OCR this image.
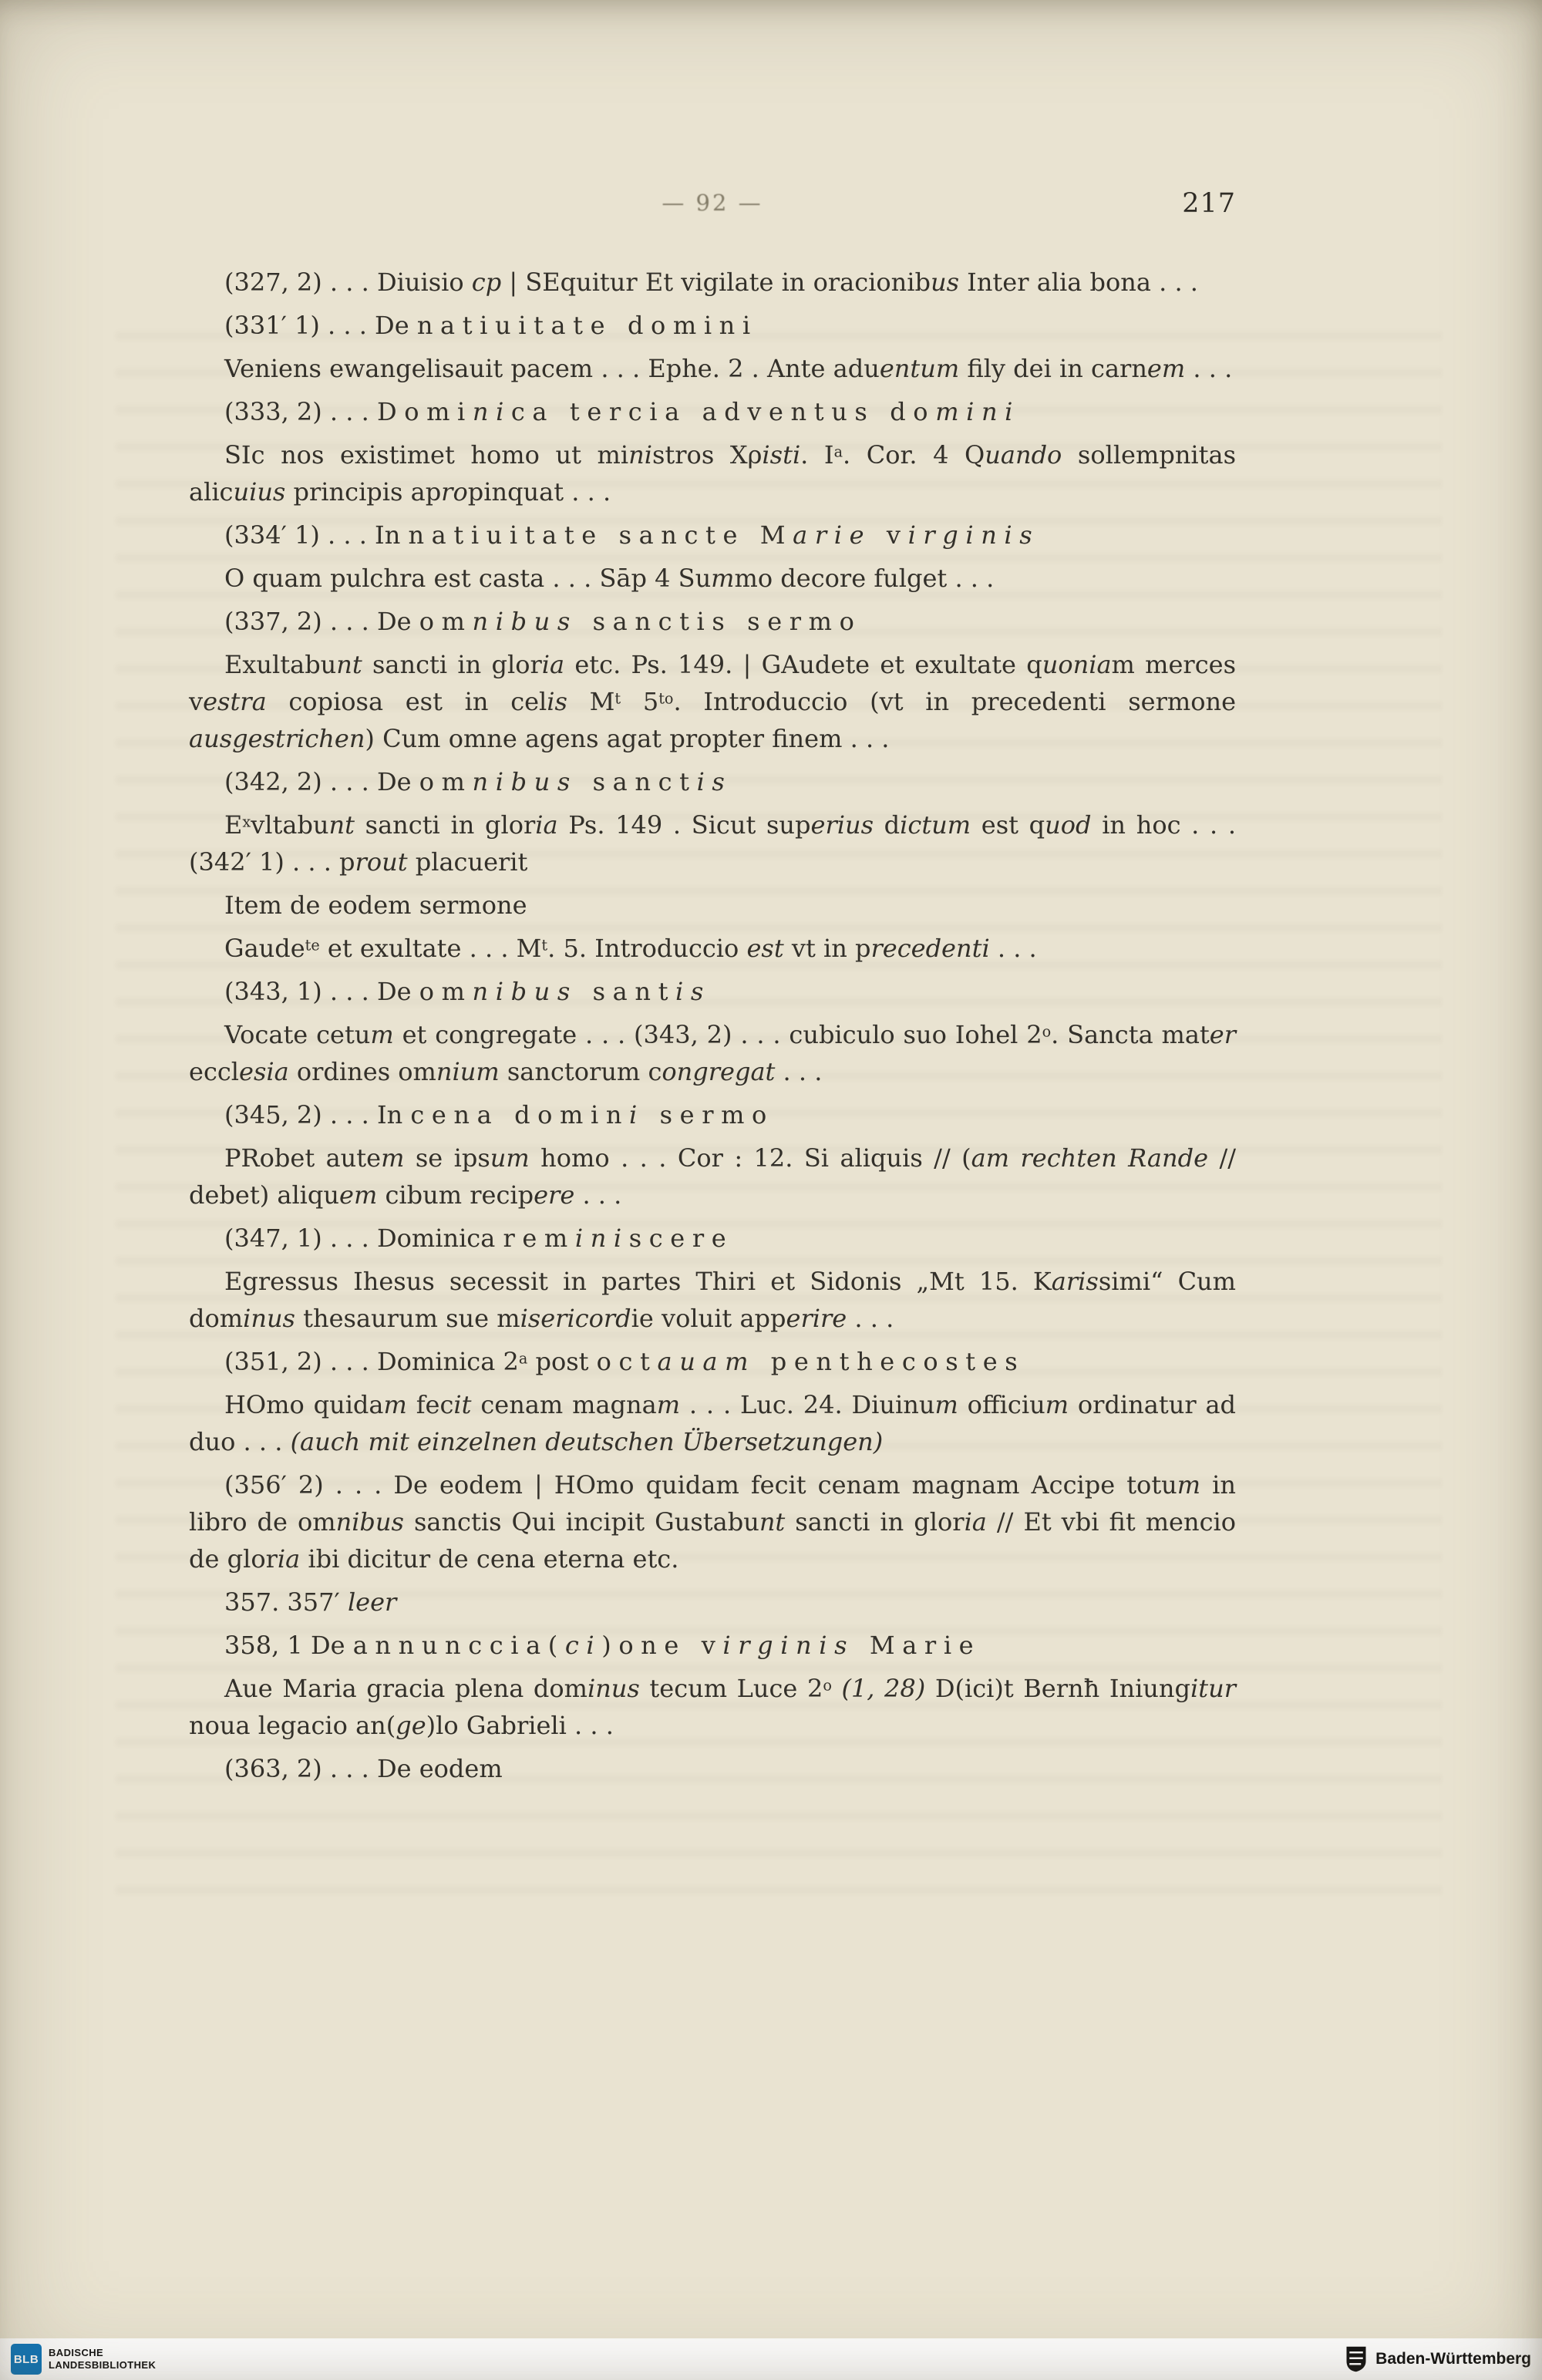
— 92 —	217

(327, 2) . . . Diuisio cp | SEquitur Et vigilate in oracionibus Inter alia bona . . .

(331′ 1) . . . De natiuitate domini

Veniens ewangelisauit pacem . . . Ephe. 2 . Ante aduentum fily dei in carnem . . .

(333, 2) . . . Dominica tercia adventus domini

SIc nos existimet homo ut ministros Xρisti. $I^a$. Cor. 4 Quando sollempnitas alicuius principis apropinquat . . .

(334′ 1) . . . In natiuitate sancte Marie virginis

O quam pulchra est casta . . . Sāp 4 Summo decore fulget . . .

(337, 2) . . . De omnibus sanctis sermo

Exultabunt sancti in gloria etc. Ps. 149. | GAudete et exultate quoniam merces vestra copiosa est in celis $M^t$ $5^{to}$. Introduccio (vt in precedenti sermone ausgestrichen) Cum omne agens agat propter finem . . .

(342, 2) . . . De omnibus sanctis

$E^xvltabunt$ sancti in gloria Ps. 149 . Sicut superius dictum est quod in hoc . . . (342′ 1) . . . prout placuerit

Item de eodem sermone

Gaude$^{te}$ et exultate . . . $M^t$. 5. Introduccio est vt in precedenti . . .

(343, 1) . . . De omnibus santis

Vocate cetum et congregate . . . (343, 2) . . . cubiculo suo Iohel 2$^o$. Sancta mater ecclesia ordines omnium sanctorum congregat . . .

(345, 2) . . . In cena domini sermo

PRobet autem se ipsum homo . . . Cor : 12. Si aliquis // (am rechten Rande // debet) aliquem cibum recipere . . .

(347, 1) . . . Dominica reminiscere

Egressus Ihesus secessit in partes Thiri et Sidonis „Mt 15. Karissimi“ Cum dominus thesaurum sue misericordie voluit apperire . . .

(351, 2) . . . Dominica 2$^a$ post octauam penthecostes

HOmo quidam fecit cenam magnam . . . Luc. 24. Diuinum officium ordinatur ad duo . . . (auch mit einzelnen deutschen Übersetzungen)

(356′ 2) . . . De eodem | HOmo quidam fecit cenam magnam Accipe totum in libro de omnibus sanctis Qui incipit Gustabunt sancti in gloria // Et vbi fit mencio de gloria ibi dicitur de cena eterna etc.

357. 357′ leer

358, 1 De annunccia(ci)one virginis Marie

Aue Maria gracia plena dominus tecum Luce 2$^o$ (1, 28) D(ici)t Bernħ Iniungitur noua legacio an(ge)lo Gabrieli . . .

(363, 2) . . . De eodem

BLB BADISCHE
LANDESBIBLIOTHEK	Baden-Württemberg
